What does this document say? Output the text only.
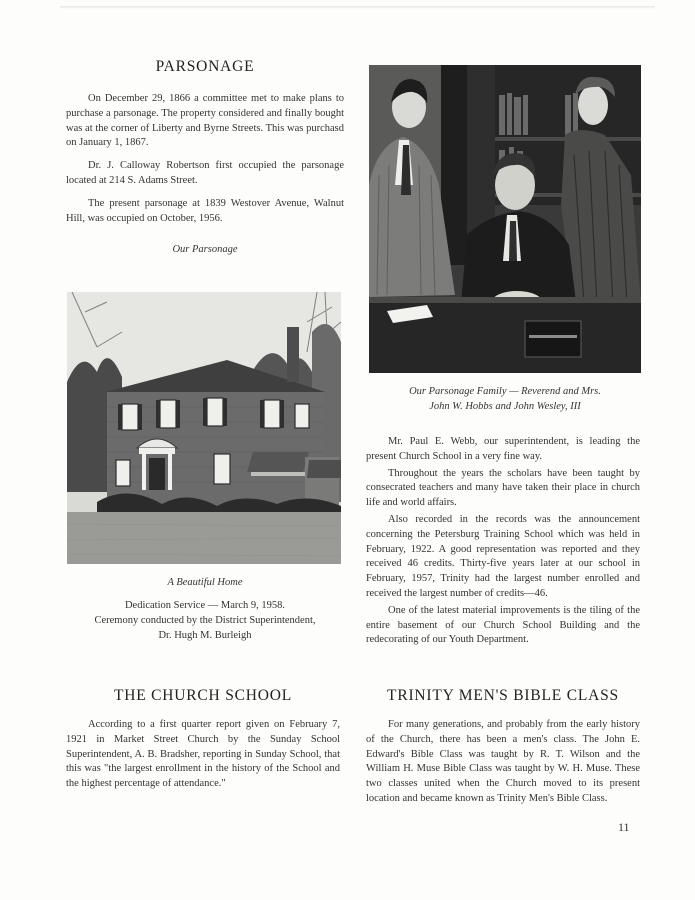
PARSONAGE

On December 29, 1866 a committee met to make plans to purchase a parsonage. The property considered and finally bought was at the corner of Liberty and Byrne Streets. This was purchasd on January 1, 1867.

Dr. J. Calloway Robertson first occupied the parsonage located at 214 S. Adams Street.

The present parsonage at 1839 Westover Avenue, Walnut Hill, was occupied on October, 1956.

Our Parsonage
A Beautiful Home
Dedication Service — March 9, 1958.
Ceremony conducted by the District Superintendent,
Dr. Hugh M. Burleigh
THE CHURCH SCHOOL

According to a first quarter report given on February 7, 1921 in Market Street Church by the Sunday School Superintendent, A. B. Bradsher, reporting in Sunday School, that this was "the largest enrollment in the history of the School and the highest percentage of attendance."

Our Parsonage Family — Reverend and Mrs.
John W. Hobbs and John Wesley, III

Mr. Paul E. Webb, our superintendent, is leading the present Church School in a very fine way.

Throughout the years the scholars have been taught by consecrated teachers and many have taken their place in church life and world affairs.

Also recorded in the records was the announcement concerning the Petersburg Training School which was held in February, 1922. A good representation was reported and they received 46 credits. Thirty-five years later at our school in February, 1957, Trinity had the largest number enrolled and received the largest number of credits—46.

One of the latest material improvements is the tiling of the entire basement of our Church School Building and the redecorating of our Youth Department.

TRINITY MEN'S BIBLE CLASS

For many generations, and probably from the early history of the Church, there has been a men's class. The John E. Edward's Bible Class was taught by R. T. Wilson and the William H. Muse Bible Class was taught by W. H. Muse. These two classes united when the Church moved to its present location and became known as Trinity Men's Bible Class.

11
